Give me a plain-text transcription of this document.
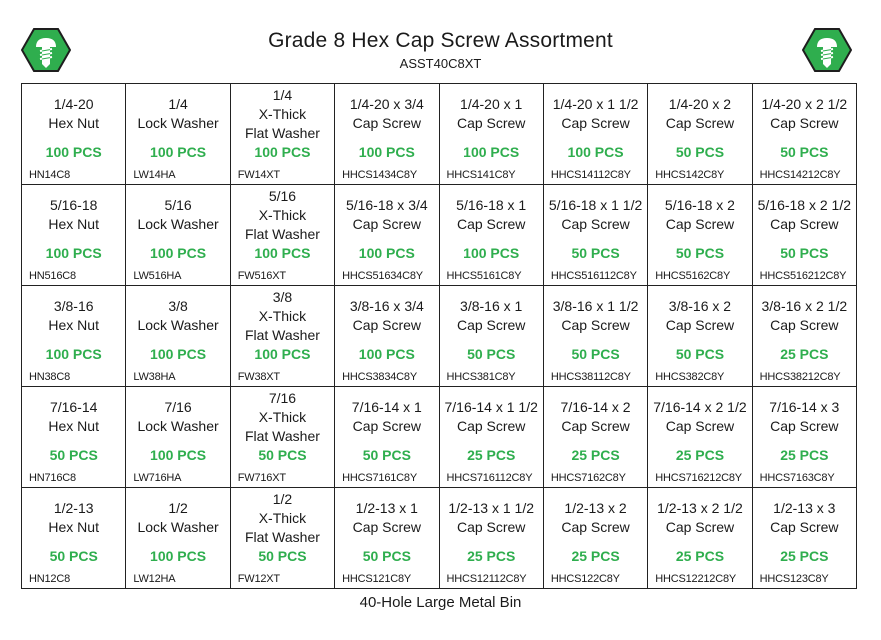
Grade 8 Hex Cap Screw Assortment
ASST40C8XT
1/4-20
Hex Nut
100 PCS
HN14C8
1/4
Lock Washer
100 PCS
LW14HA
1/4
X-Thick
Flat Washer
100 PCS
FW14XT
1/4-20 x 3/4
Cap Screw
100 PCS
HHCS1434C8Y
1/4-20 x 1
Cap Screw
100 PCS
HHCS141C8Y
1/4-20 x 1 1/2
Cap Screw
100 PCS
HHCS14112C8Y
1/4-20 x 2
Cap Screw
50 PCS
HHCS142C8Y
1/4-20 x 2 1/2
Cap Screw
50 PCS
HHCS14212C8Y
5/16-18
Hex Nut
100 PCS
HN516C8
5/16
Lock Washer
100 PCS
LW516HA
5/16
X-Thick
Flat Washer
100 PCS
FW516XT
5/16-18 x 3/4
Cap Screw
100 PCS
HHCS51634C8Y
5/16-18 x 1
Cap Screw
100 PCS
HHCS5161C8Y
5/16-18 x 1 1/2
Cap Screw
50 PCS
HHCS516112C8Y
5/16-18 x 2
Cap Screw
50 PCS
HHCS5162C8Y
5/16-18 x 2 1/2
Cap Screw
50 PCS
HHCS516212C8Y
3/8-16
Hex Nut
100 PCS
HN38C8
3/8
Lock Washer
100 PCS
LW38HA
3/8
X-Thick
Flat Washer
100 PCS
FW38XT
3/8-16 x 3/4
Cap Screw
100 PCS
HHCS3834C8Y
3/8-16 x 1
Cap Screw
50 PCS
HHCS381C8Y
3/8-16 x 1 1/2
Cap Screw
50 PCS
HHCS38112C8Y
3/8-16 x 2
Cap Screw
50 PCS
HHCS382C8Y
3/8-16 x 2 1/2
Cap Screw
25 PCS
HHCS38212C8Y
7/16-14
Hex Nut
50 PCS
HN716C8
7/16
Lock Washer
100 PCS
LW716HA
7/16
X-Thick
Flat Washer
50 PCS
FW716XT
7/16-14 x 1
Cap Screw
50 PCS
HHCS7161C8Y
7/16-14 x 1 1/2
Cap Screw
25 PCS
HHCS716112C8Y
7/16-14 x 2
Cap Screw
25 PCS
HHCS7162C8Y
7/16-14 x 2 1/2
Cap Screw
25 PCS
HHCS716212C8Y
7/16-14 x 3
Cap Screw
25 PCS
HHCS7163C8Y
1/2-13
Hex Nut
50 PCS
HN12C8
1/2
Lock Washer
100 PCS
LW12HA
1/2
X-Thick
Flat Washer
50 PCS
FW12XT
1/2-13 x 1
Cap Screw
50 PCS
HHCS121C8Y
1/2-13 x 1 1/2
Cap Screw
25 PCS
HHCS12112C8Y
1/2-13 x 2
Cap Screw
25 PCS
HHCS122C8Y
1/2-13 x 2 1/2
Cap Screw
25 PCS
HHCS12212C8Y
1/2-13 x 3
Cap Screw
25 PCS
HHCS123C8Y
40-Hole Large Metal Bin
